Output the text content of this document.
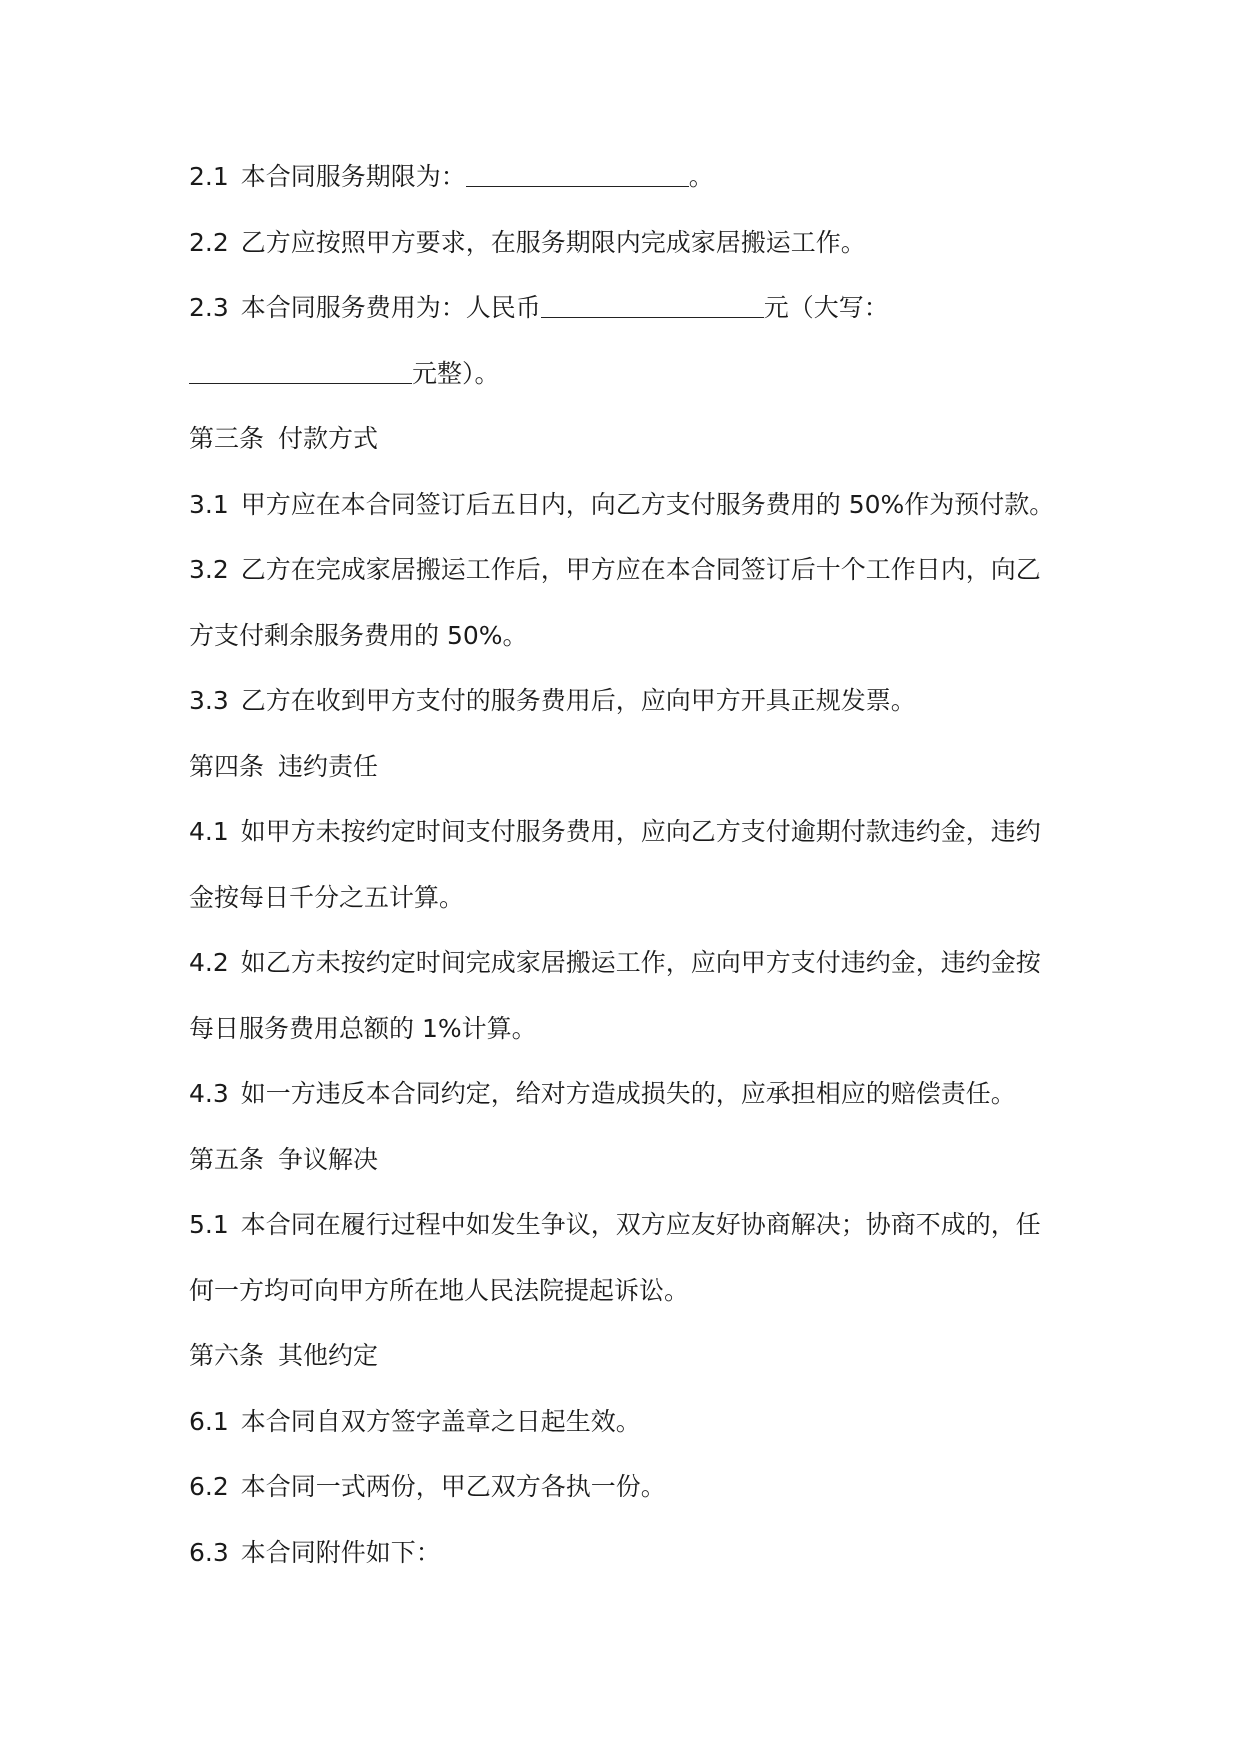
2.1 本合同服务期限为：	。
2.2 乙方应按照甲方要求，在服务期限内完成家居搬运工作。
2.3 本合同服务费用为：人民币	元（大写：
元整）。
第三条 付款方式
3.1 甲方应在本合同签订后五日内，向乙方支付服务费用的 50%作为预付款。
3.2 乙方在完成家居搬运工作后，甲方应在本合同签订后十个工作日内，向乙
方支付剩余服务费用的 50%。
3.3 乙方在收到甲方支付的服务费用后，应向甲方开具正规发票。
第四条 违约责任
4.1 如甲方未按约定时间支付服务费用，应向乙方支付逾期付款违约金，违约
金按每日千分之五计算。
4.2 如乙方未按约定时间完成家居搬运工作，应向甲方支付违约金，违约金按
每日服务费用总额的 1%计算。
4.3 如一方违反本合同约定，给对方造成损失的，应承担相应的赔偿责任。
第五条 争议解决
5.1 本合同在履行过程中如发生争议，双方应友好协商解决；协商不成的，任
何一方均可向甲方所在地人民法院提起诉讼。
第六条 其他约定
6.1 本合同自双方签字盖章之日起生效。
6.2 本合同一式两份，甲乙双方各执一份。
6.3 本合同附件如下：
